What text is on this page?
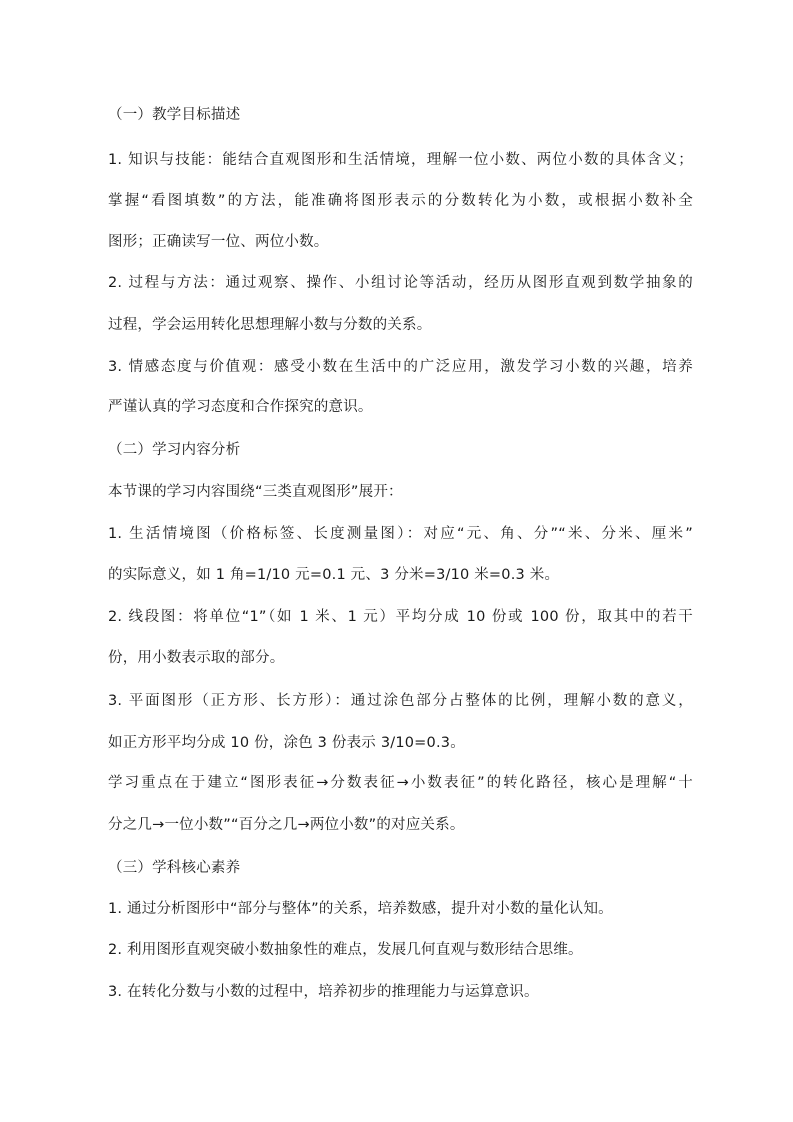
（一）教学目标描述
1. 知识与技能：能结合直观图形和生活情境，理解一位小数、两位小数的具体含义；
掌握“看图填数”的方法，能准确将图形表示的分数转化为小数，或根据小数补全
图形；正确读写一位、两位小数。
2. 过程与方法：通过观察、操作、小组讨论等活动，经历从图形直观到数学抽象的
过程，学会运用转化思想理解小数与分数的关系。
3. 情感态度与价值观：感受小数在生活中的广泛应用，激发学习小数的兴趣，培养
严谨认真的学习态度和合作探究的意识。
（二）学习内容分析
本节课的学习内容围绕“三类直观图形”展开：
1. 生活情境图（价格标签、长度测量图）：对应“元、角、分”“米、分米、厘米”
的实际意义，如 1 角=1/10 元=0.1 元、3 分米=3/10 米=0.3 米。
2. 线段图：将单位“1”（如 1 米、1 元）平均分成 10 份或 100 份，取其中的若干
份，用小数表示取的部分。
3. 平面图形（正方形、长方形）：通过涂色部分占整体的比例，理解小数的意义，
如正方形平均分成 10 份，涂色 3 份表示 3/10=0.3。
学习重点在于建立“图形表征→分数表征→小数表征”的转化路径，核心是理解“十
分之几→一位小数”“百分之几→两位小数”的对应关系。
（三）学科核心素养
1. 通过分析图形中“部分与整体”的关系，培养数感，提升对小数的量化认知。
2. 利用图形直观突破小数抽象性的难点，发展几何直观与数形结合思维。
3. 在转化分数与小数的过程中，培养初步的推理能力与运算意识。
